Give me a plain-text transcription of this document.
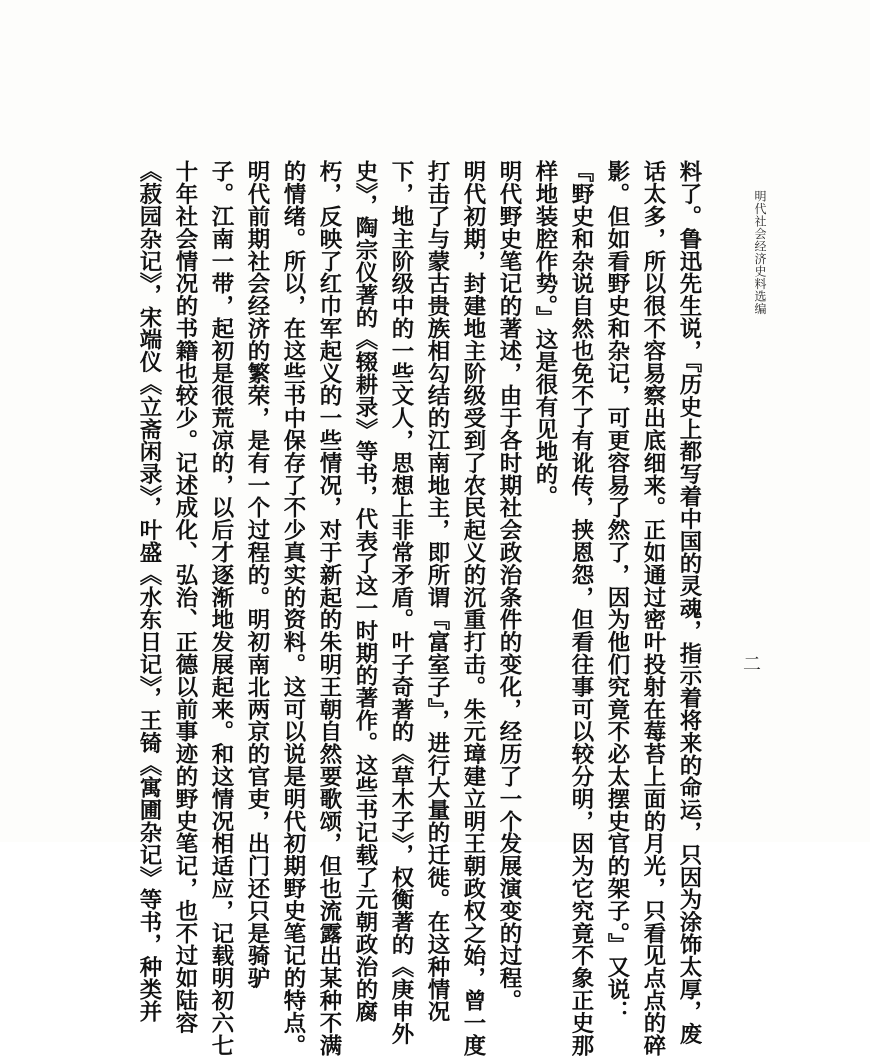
明代社会经济史料选编
二
料了。鲁迅先生说，『历史上都写着中国的灵魂，指示着将来的命运，只因为涂饰太厚，废
话太多，所以很不容易察出底细来。正如通过密叶投射在莓苔上面的月光，只看见点点的碎
影。但如看野史和杂记，可更容易了然了，因为他们究竟不必太摆史官的架子。』又说：
『野史和杂说自然也免不了有讹传，挟恩怨，但看往事可以较分明，因为它究竟不象正史那
样地装腔作势。』这是很有见地的。
明代野史笔记的著述，由于各时期社会政治条件的变化，经历了一个发展演变的过程。
明代初期，封建地主阶级受到了农民起义的沉重打击。朱元璋建立明王朝政权之始，曾一度
打击了与蒙古贵族相勾结的江南地主，即所谓『富室子』，进行大量的迁徙。在这种情况
下，地主阶级中的一些文人，思想上非常矛盾。叶子奇著的《草木子》，权衡著的《庚申外
史》，陶宗仪著的《辍耕录》等书，代表了这一时期的著作。这些书记载了元朝政治的腐
朽，反映了红巾军起义的一些情况，对于新起的朱明王朝自然要歌颂，但也流露出某种不满
的情绪。所以，在这些书中保存了不少真实的资料。这可以说是明代初期野史笔记的特点。
明代前期社会经济的繁荣，是有一个过程的。明初南北两京的官吏，出门还只是骑驴
子。江南一带，起初是很荒凉的，以后才逐渐地发展起来。和这情况相适应，记载明初六七
十年社会情况的书籍也较少。记述成化、弘治、正德以前事迹的野史笔记，也不过如陆容
《菽园杂记》，宋端仪《立斋闲录》，叶盛《水东日记》，王锜《寓圃杂记》等书，种类并
